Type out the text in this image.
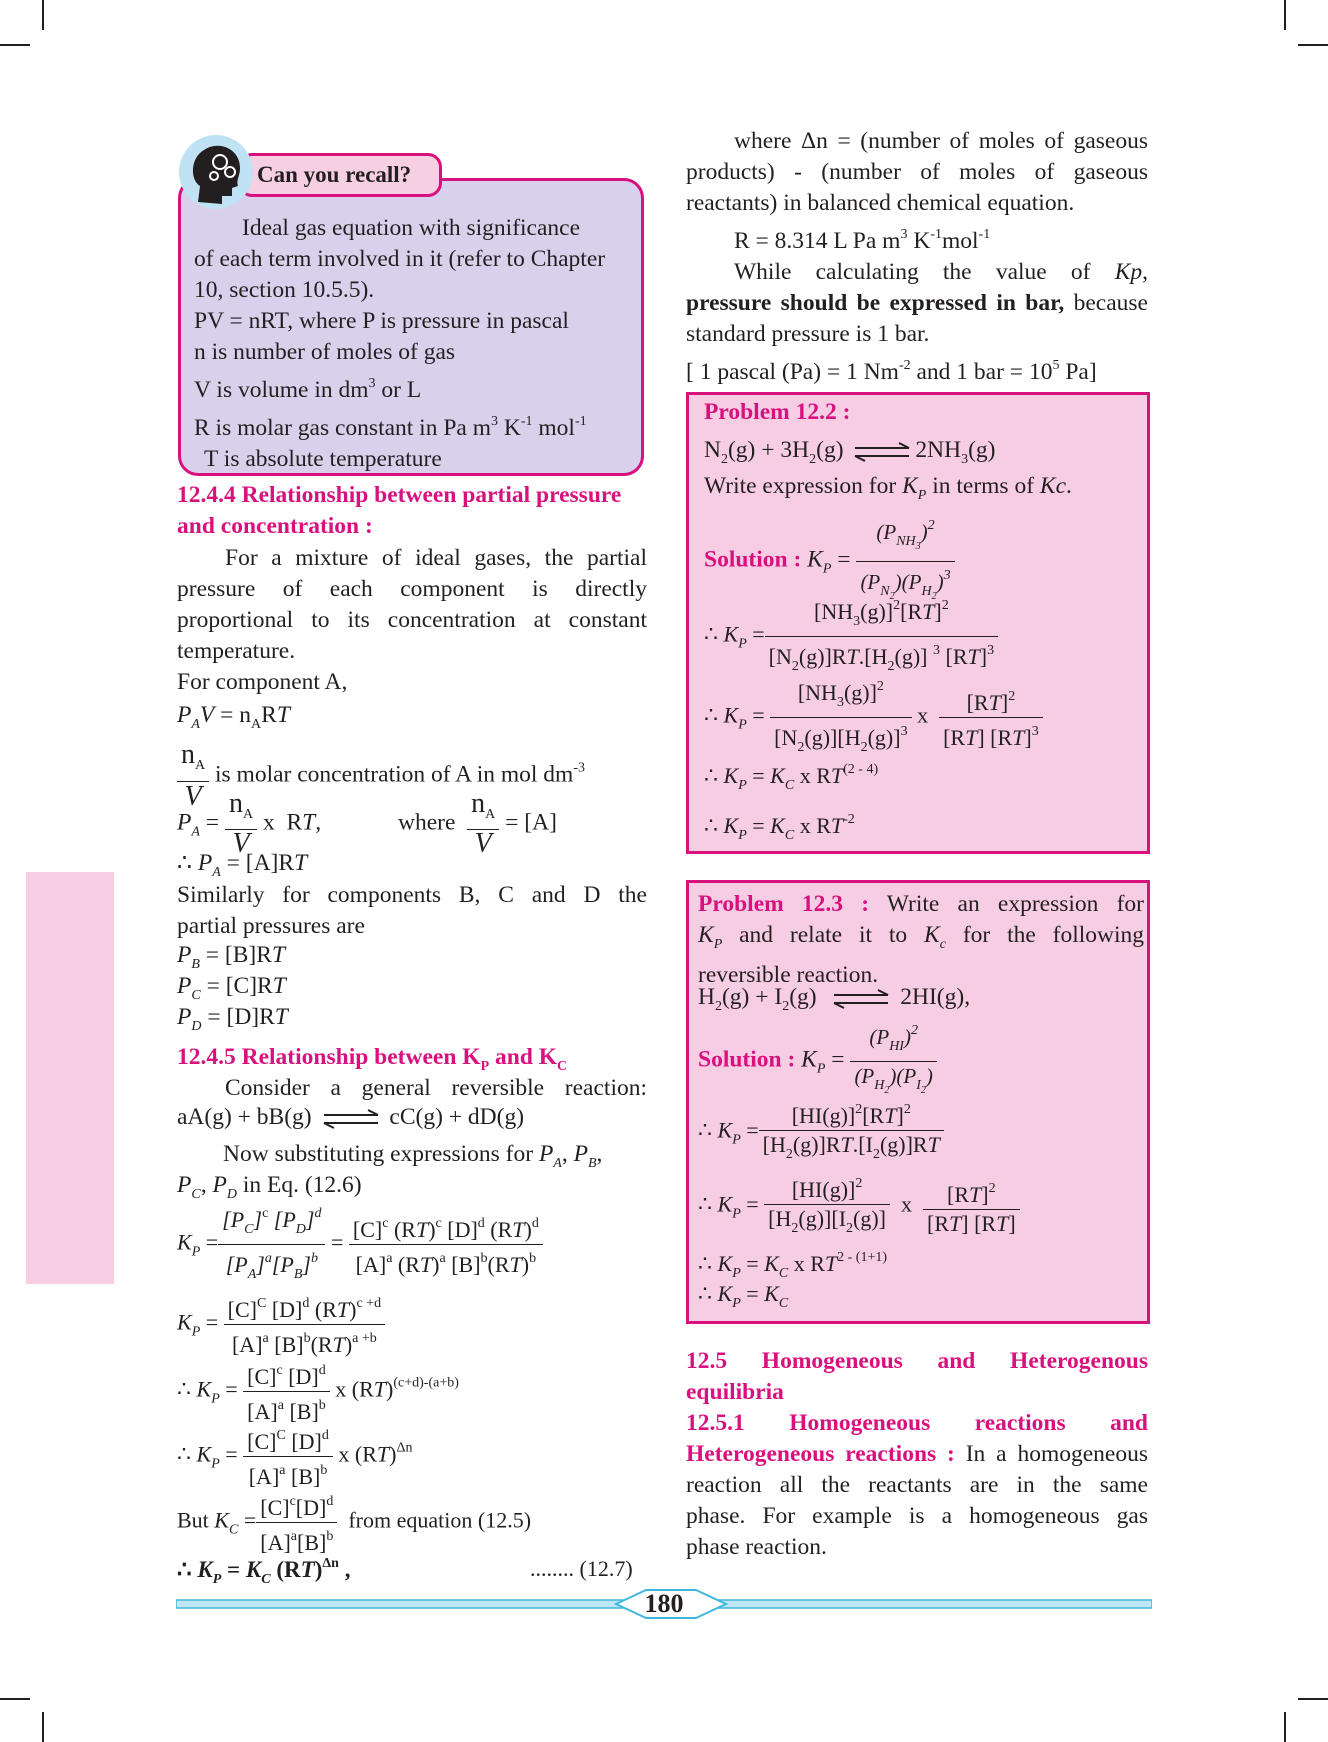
Can you recall?
Ideal gas equation with significance
of each term involved in it (refer to Chapter
10, section 10.5.5).
PV = nRT, where P is pressure in pascal
n is number of moles of gas
V is volume in $dm^3$ or L
R is molar gas constant in Pa $m^3$ $K^{-1}$ mol$^{-1}$
T is absolute temperature
12.4.4 Relationship between partial pressure
and concentration :
For a mixture of ideal gases, the partial
pressure of each component is directly
proportional to its concentration at constant
temperature.
For component A,
$P_AV = n_ART$
$\frac{n_A}{V}$ is molar concentration of A in mol $dm^{-3}$
$P_A = \frac{n_A}{V}$ x  RT,	where $\frac{n_A}{V} = [A]$
∴ $P_A = [A]RT$
Similarly for components B, C and D the
partial pressures are
$P_B = [B]RT$
$P_C = [C]RT$
$P_D = [D]RT$
12.4.5 Relationship between $K_P$ and $K_C$
Consider a general reversible reaction:
aA(g) + bB(g) ⇌ cC(g) + dD(g)
Now substituting expressions for $P_A$, $P_B$,
$P_C$, $P_D$ in Eq. (12.6)
$K_P = \frac{[P_C]^c [P_D]^d}{[P_A]^a[P_B]^b} = \frac{[C]^c (RT)^c [D]^d (RT)^d}{[A]^a (RT)^a [B]^b(RT)^b}$
$K_P = \frac{[C]^C [D]^d (RT)^{c +d}}{[A]^a [B]^b(RT)^{a +b}}$
∴ $K_P = \frac{[C]^c [D]^d}{[A]^a [B]^b}$ x (RT)$^{(c+d)-(a+b)}$
∴ $K_P = \frac{[C]^C [D]^d}{[A]^a [B]^b}$ x (RT)$^{\Delta n}$
But $K_C = \frac{[C]^c[D]^d}{[A]^a[B]^b}$ from equation (12.5)
∴ $K_P = K_C$ (RT)$^{\Delta n}$ ,	........ (12.7)
where Δn = (number of moles of gaseous
products) - (number of moles of gaseous
reactants) in balanced chemical equation.
R = 8.314 L Pa $m^3$ $K^{-1}mol^{-1}$
While calculating the value of Kp,
pressure should be expressed in bar, because
standard pressure is 1 bar.
[ 1 pascal (Pa) = 1 $Nm^{-2}$ and 1 bar = $10^5$ Pa]
Problem 12.2 :
$N_2(g) + 3H_2(g)$ ⇌ $2NH_3(g)$
Write expression for $K_P$ in terms of Kc.
Solution : $K_P = \frac{(P_{NH_3})^2}{(P_{N_2})(P_{H_2})^3}$
∴ $K_P = \frac{[NH_3(g)]^2[RT]^2}{[N_2(g)]RT.[H_2(g)] ^3 [RT]^3}$
∴ $K_P = \frac{[NH_3(g)]^2}{[N_2(g)][H_2(g)]^3}$ x $\frac{[RT]^2}{[RT] [RT]^3}$
∴ $K_P = K_C$ x RT$^{(2 - 4)}$
∴ $K_P = K_C$ x $RT^{-2}$
Problem 12.3 : Write an expression for
$K_P$ and relate it to $K_c$ for the following
reversible reaction.
$H_2(g) + I_2(g)$ ⇌ 2HI(g),
Solution : $K_P = \frac{(P_{HI})^2}{(P_{H_2})(P_{I_2})}$
∴ $K_P = \frac{[HI(g)]^2[RT]^2}{[H_2(g)]RT.[I_2(g)]RT}$
∴ $K_P = \frac{[HI(g)]^2}{[H_2(g)][I_2(g)]}$ x $\frac{[RT]^2}{[RT] [RT]}$
∴ $K_P = K_C$ x $RT^{2 - (1+1)}$
∴ $K_P = K_C$
12.5 Homogeneous and Heterogenous
equilibria
12.5.1 Homogeneous reactions and
Heterogeneous reactions : In a homogeneous
reaction all the reactants are in the same
phase. For example is a homogeneous gas
phase reaction.
180
